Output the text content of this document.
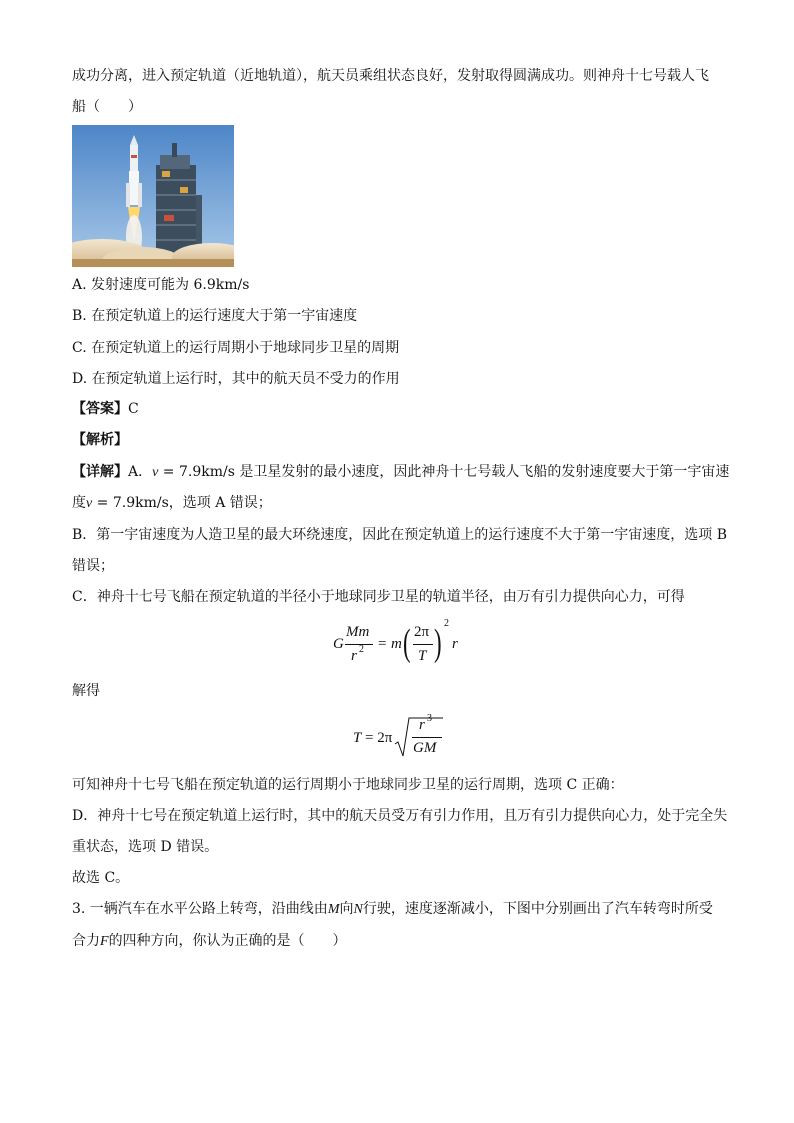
成功分离，进入预定轨道（近地轨道），航天员乘组状态良好，发射取得圆满成功。则神舟十七号载人飞
船（　　）
A. 发射速度可能为 6.9km/s
B. 在预定轨道上的运行速度大于第一宇宙速度
C. 在预定轨道上的运行周期小于地球同步卫星的周期
D. 在预定轨道上运行时，其中的航天员不受力的作用
【答案】C
【解析】
【详解】A．v = 7.9km/s 是卫星发射的最小速度，因此神舟十七号载人飞船的发射速度要大于第一宇宙速
度v = 7.9km/s，选项 A 错误；
B．第一宇宙速度为人造卫星的最大环绕速度，因此在预定轨道上的运行速度不大于第一宇宙速度，选项 B
错误；
C．神舟十七号飞船在预定轨道的半径小于地球同步卫星的轨道半径，由万有引力提供向心力，可得
G
Mm
r 2 = m ( 2π
T ) 2
r
解得
T = 2π
r 3
GM
可知神舟十七号飞船在预定轨道的运行周期小于地球同步卫星的运行周期，选项 C 正确：
D．神舟十七号在预定轨道上运行时，其中的航天员受万有引力作用，且万有引力提供向心力，处于完全失
重状态，选项 D 错误。
故选 C。
3. 一辆汽车在水平公路上转弯，沿曲线由M向N行驶，速度逐渐减小，下图中分别画出了汽车转弯时所受
合力F的四种方向，你认为正确的是（　　）
